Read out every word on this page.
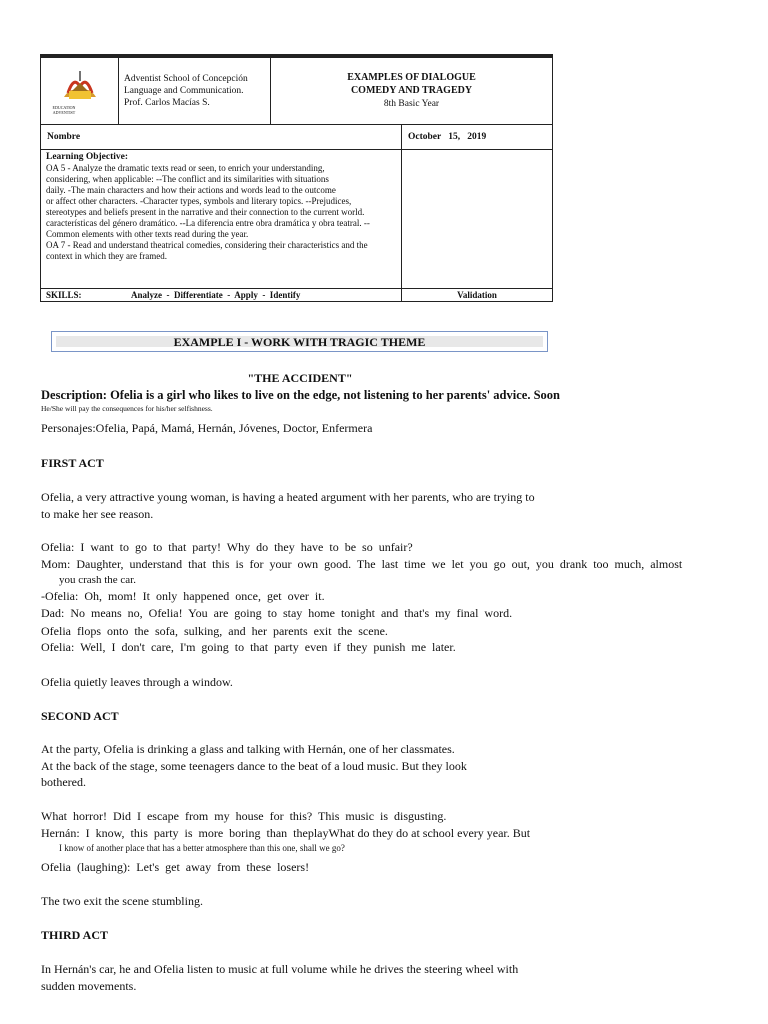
EDUCATION
ADVENTIST
Adventist School of Concepción
Language and Communication.
Prof. Carlos Macías S.
EXAMPLES OF DIALOGUE
COMEDY AND TRAGEDY
8th Basic Year
Nombre	October   15,   2019
Learning Objective:
OA 5 - Analyze the dramatic texts read or seen, to enrich your understanding,
considering, when applicable: --The conflict and its similarities with situations
daily. -The main characters and how their actions and words lead to the outcome
or affect other characters. -Character types, symbols and literary topics. --Prejudices,
stereotypes and beliefs present in the narrative and their connection to the current world.
características del género dramático. --La diferencia entre obra dramática y obra teatral. --
Common elements with other texts read during the year.
OA 7 - Read and understand theatrical comedies, considering their characteristics and the
context in which they are framed.
SKILLS:	Analyze  -  Differentiate  -  Apply  -  Identify	Validation
EXAMPLE I - WORK WITH TRAGIC THEME
"THE ACCIDENT"
Description: Ofelia is a girl who likes to live on the edge, not listening to her parents' advice. Soon
He/She will pay the consequences for his/her selfishness.
Personajes:Ofelia, Papá, Mamá, Hernán, Jóvenes, Doctor, Enfermera
FIRST ACT
Ofelia, a very attractive young woman, is having a heated argument with her parents, who are trying to
to make her see reason.
Ofelia:  I  want  to  go  to  that  party!  Why  do  they  have  to  be  so  unfair?
Mom:  Daughter,  understand  that  this  is  for  your  own  good.  The  last  time  we  let  you  go  out,  you  drank  too  much,  almost
you crash the car.
-Ofelia:  Oh,  mom!  It  only  happened  once,  get  over  it.
Dad:  No  means  no,  Ofelia!  You  are  going  to  stay  home  tonight  and  that's  my  final  word.
Ofelia  flops  onto  the  sofa,  sulking,  and  her  parents  exit  the  scene.
Ofelia:  Well,  I  don't  care,  I'm  going  to  that  party  even  if  they  punish  me  later.
Ofelia quietly leaves through a window.
SECOND ACT
At the party, Ofelia is drinking a glass and talking with Hernán, one of her classmates.
At the back of the stage, some teenagers dance to the beat of a loud music. But they look
bothered.
What  horror!  Did  I  escape  from  my  house  for  this?  This  music  is  disgusting.
Hernán:  I  know,  this  party  is  more  boring  than  theplayWhat do they do at school every year. But
I know of another place that has a better atmosphere than this one, shall we go?
Ofelia  (laughing):  Let's  get  away  from  these  losers!
The two exit the scene stumbling.
THIRD ACT
In Hernán's car, he and Ofelia listen to music at full volume while he drives the steering wheel with
sudden movements.
